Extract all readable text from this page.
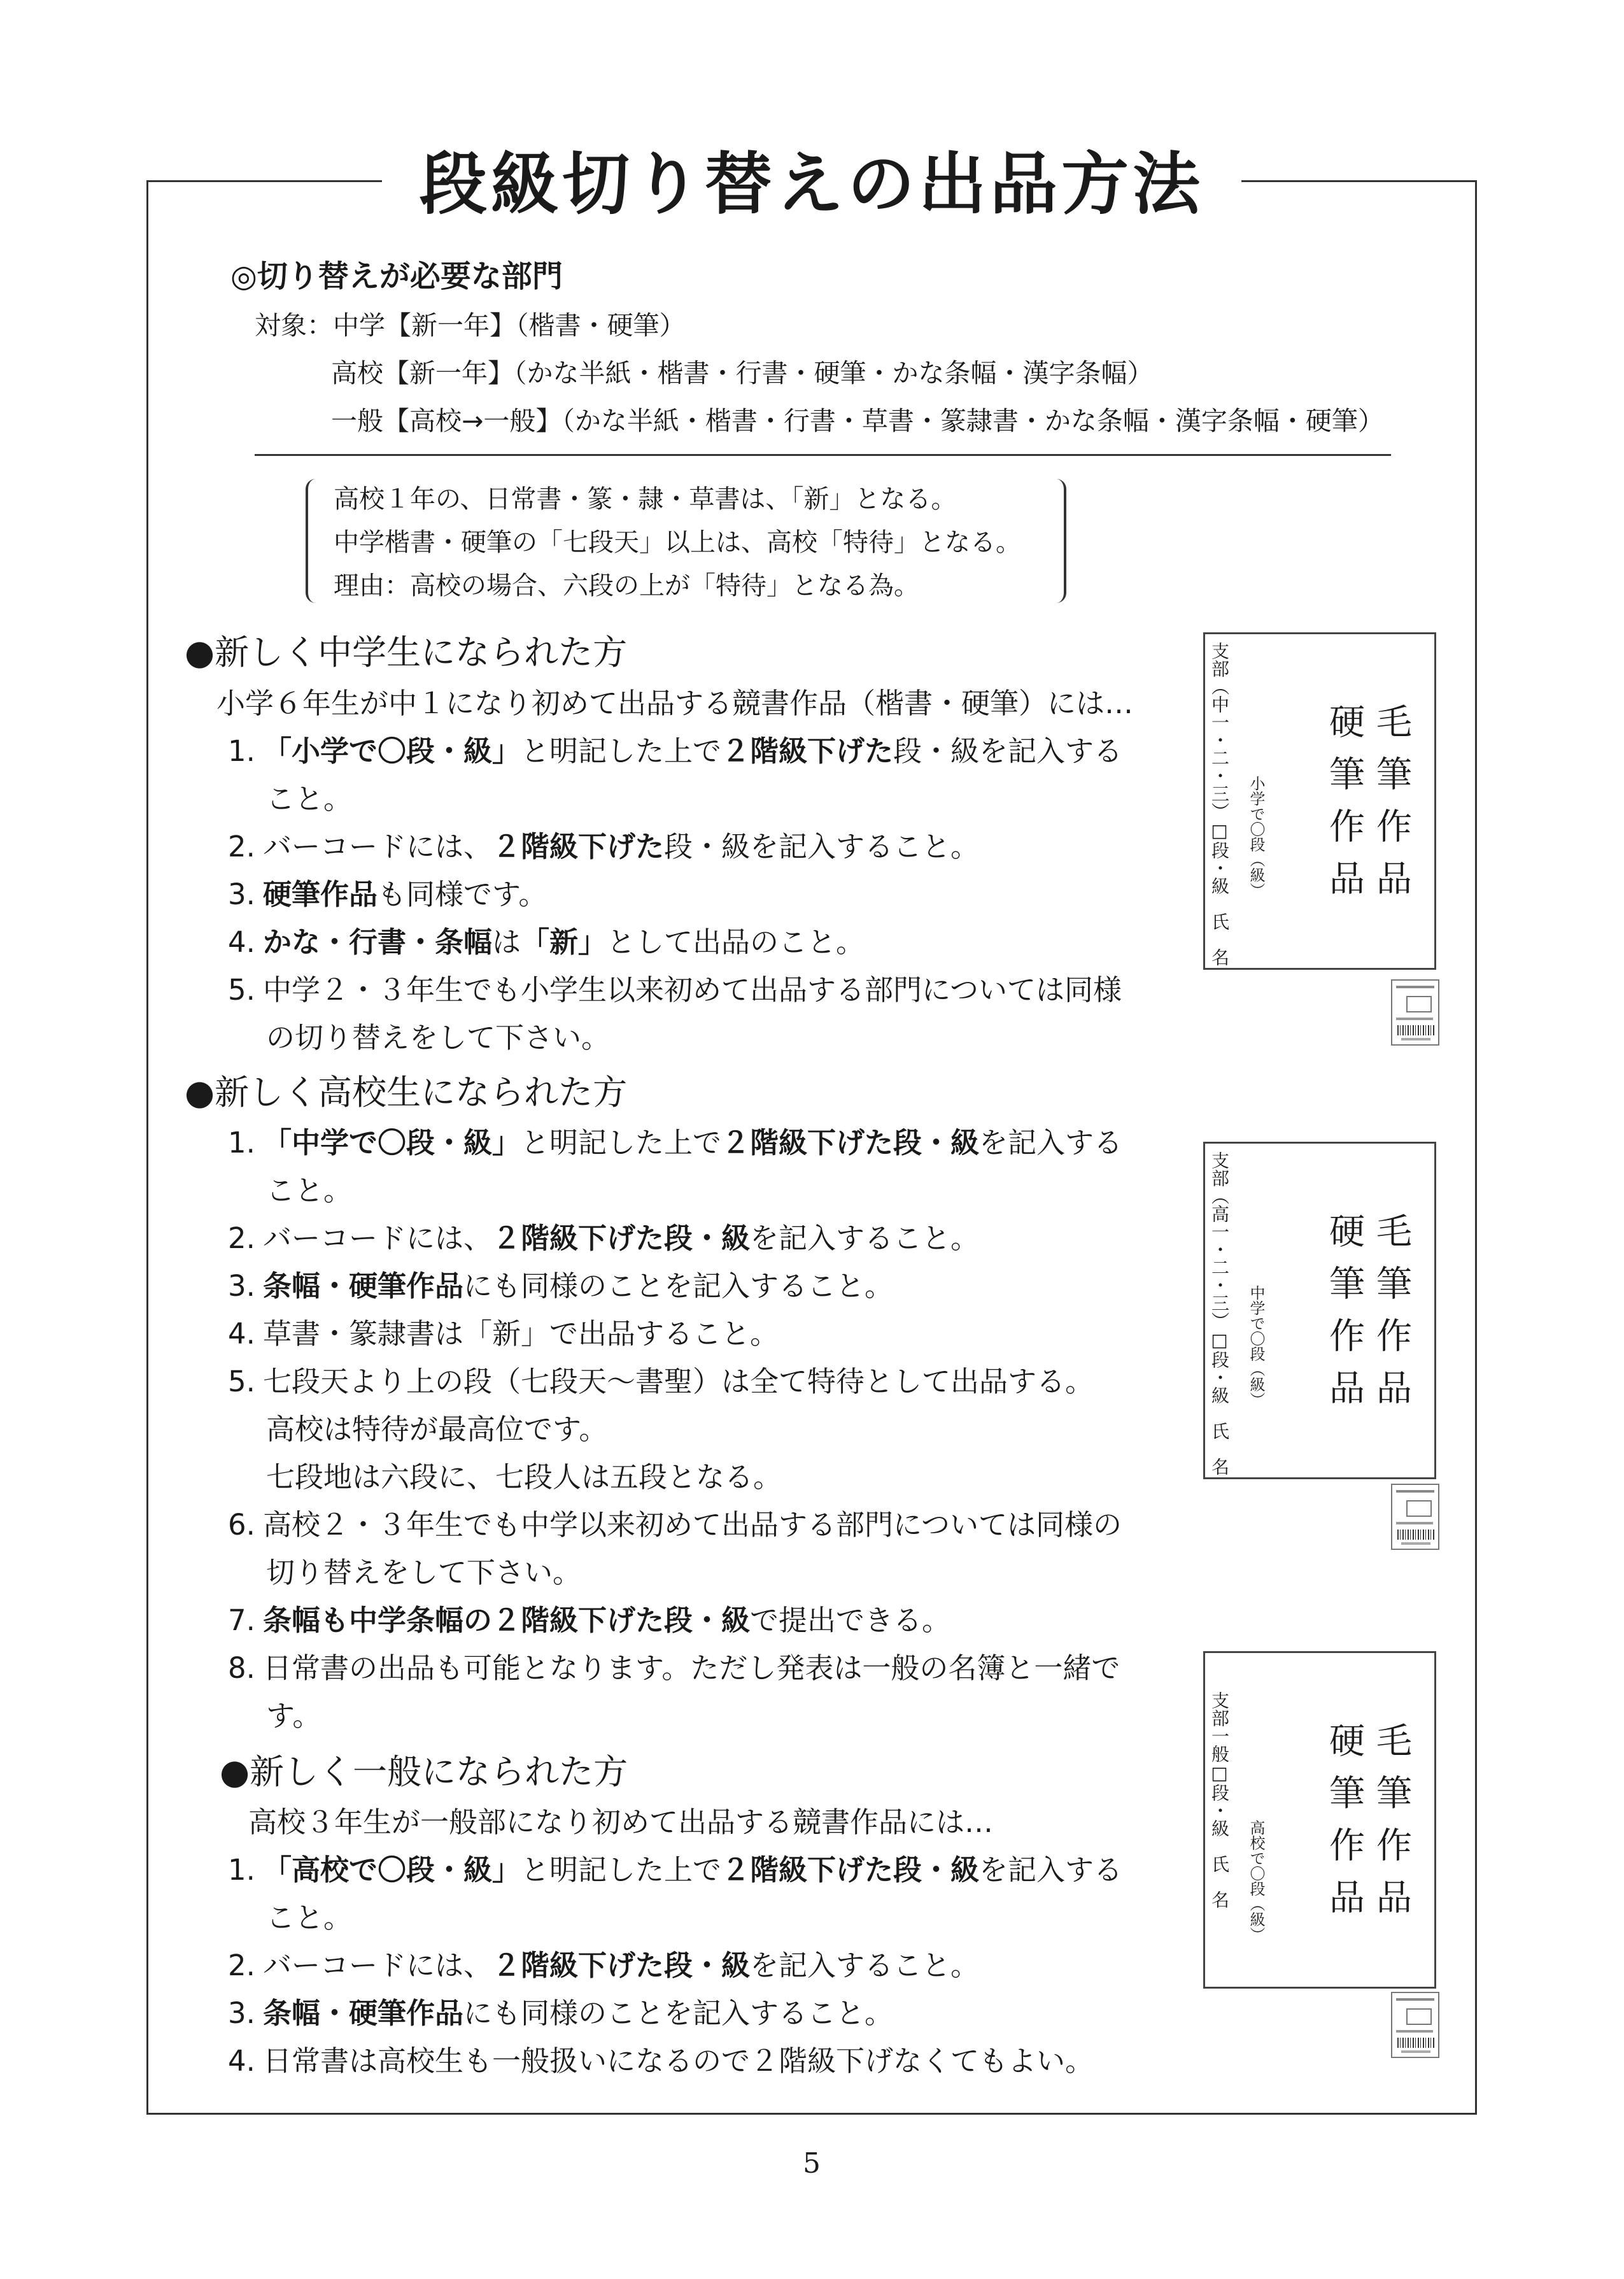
段級切り替えの出品方法
◎切り替えが必要な部門
対象：中学【新一年】（楷書・硬筆）
高校【新一年】（かな半紙・楷書・行書・硬筆・かな条幅・漢字条幅）
一般【高校→一般】（かな半紙・楷書・行書・草書・篆隷書・かな条幅・漢字条幅・硬筆）
高校１年の、日常書・篆・隷・草書は、「新」となる。
中学楷書・硬筆の「七段天」以上は、高校「特待」となる。
理由：高校の場合、六段の上が「特待」となる為。
●新しく中学生になられた方
小学６年生が中１になり初めて出品する競書作品（楷書・硬筆）には…
1. 「小学で〇段・級」と明記した上で２階級下げた段・級を記入する
こと。
2. バーコードには、２階級下げた段・級を記入すること。
3. 硬筆作品も同様です。
4. かな・行書・条幅は「新」として出品のこと。
5. 中学２・３年生でも小学生以来初めて出品する部門については同様
の切り替えをして下さい。
●新しく高校生になられた方
1. 「中学で〇段・級」と明記した上で２階級下げた段・級を記入する
こと。
2. バーコードには、２階級下げた段・級を記入すること。
3. 条幅・硬筆作品にも同様のことを記入すること。
4. 草書・篆隷書は「新」で出品すること。
5. 七段天より上の段（七段天〜書聖）は全て特待として出品する。
高校は特待が最高位です。
七段地は六段に、七段人は五段となる。
6. 高校２・３年生でも中学以来初めて出品する部門については同様の
切り替えをして下さい。
7. 条幅も中学条幅の２階級下げた段・級で提出できる。
8. 日常書の出品も可能となります。ただし発表は一般の名簿と一緒で
す。
●新しく一般になられた方
高校３年生が一般部になり初めて出品する競書作品には…
1. 「高校で〇段・級」と明記した上で２階級下げた段・級を記入する
こと。
2. バーコードには、２階級下げた段・級を記入すること。
3. 条幅・硬筆作品にも同様のことを記入すること。
4. 日常書は高校生も一般扱いになるので２階級下げなくてもよい。
支部（中一・二・三）□段・級　氏　名 小学で〇段（級）	毛筆作品
硬筆作品
支部（高一・二・三）□段・級　氏　名 中学で〇段（級）	毛筆作品
硬筆作品
支部一般□段・級　氏　名 高校で〇段（級）	毛筆作品
硬筆作品
5
